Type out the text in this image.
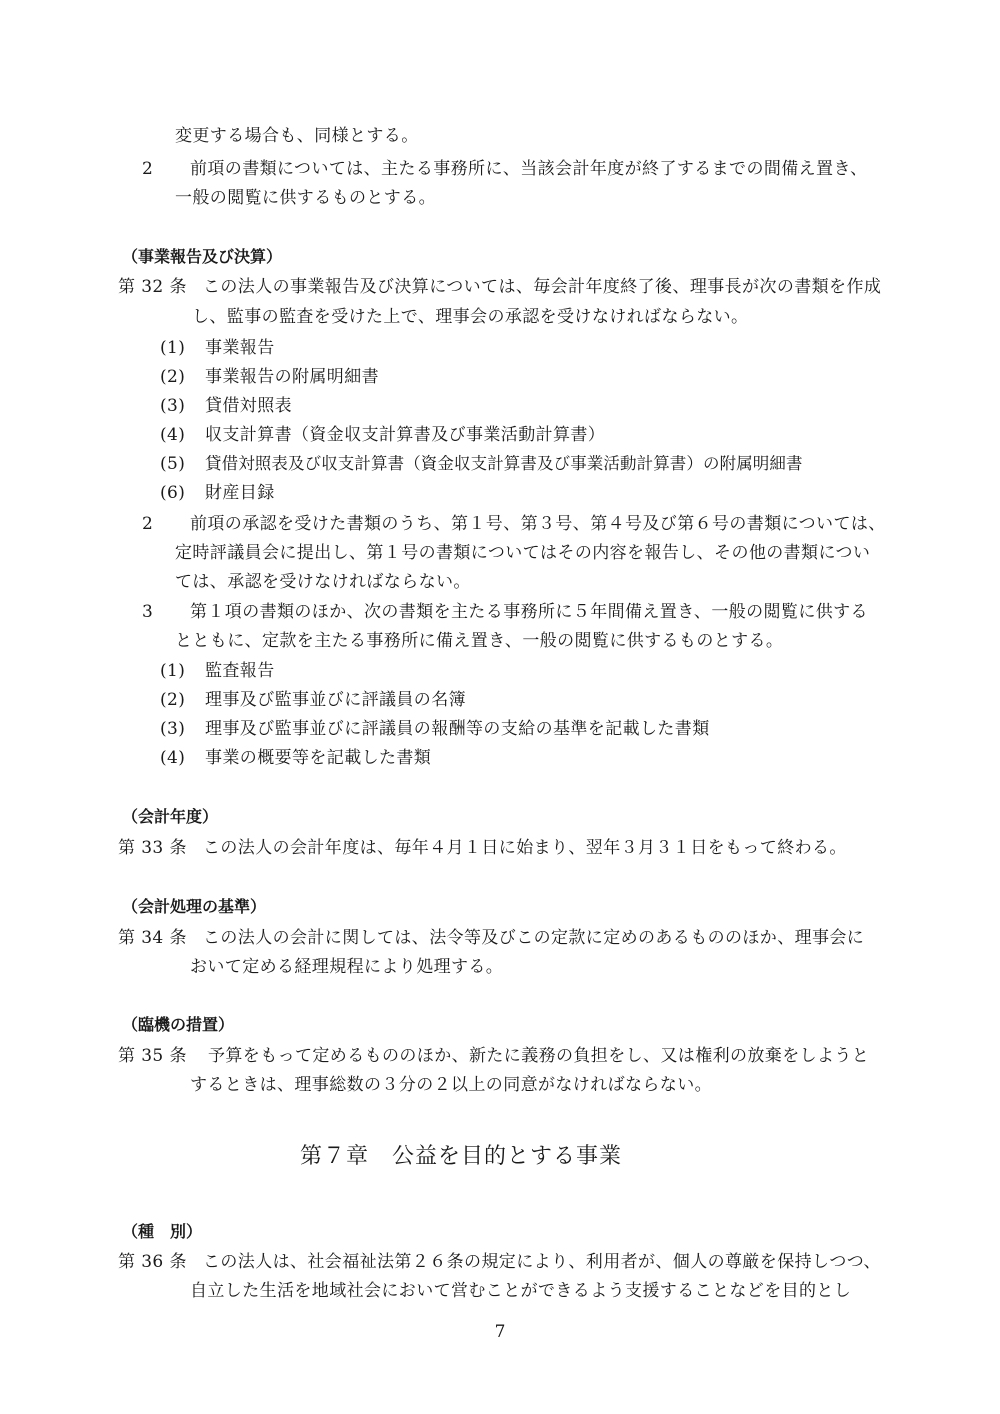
変更する場合も、同様とする。
2 前項の書類については、主たる事務所に、当該会計年度が終了するまでの間備え置き、
一般の閲覧に供するものとする。
（事業報告及び決算）
第 32 条 この法人の事業報告及び決算については、毎会計年度終了後、理事長が次の書類を作成
し、監事の監査を受けた上で、理事会の承認を受けなければならない。
(1) 事業報告
(2) 事業報告の附属明細書
(3) 貸借対照表
(4) 収支計算書（資金収支計算書及び事業活動計算書）
(5) 貸借対照表及び収支計算書（資金収支計算書及び事業活動計算書）の附属明細書
(6) 財産目録
2 前項の承認を受けた書類のうち、第１号、第３号、第４号及び第６号の書類については、
定時評議員会に提出し、第１号の書類についてはその内容を報告し、その他の書類につい
ては、承認を受けなければならない。
3 第１項の書類のほか、次の書類を主たる事務所に５年間備え置き、一般の閲覧に供する
とともに、定款を主たる事務所に備え置き、一般の閲覧に供するものとする。
(1) 監査報告
(2) 理事及び監事並びに評議員の名簿
(3) 理事及び監事並びに評議員の報酬等の支給の基準を記載した書類
(4) 事業の概要等を記載した書類
（会計年度）
第 33 条 この法人の会計年度は、毎年４月１日に始まり、翌年３月３１日をもって終わる。
（会計処理の基準）
第 34 条 この法人の会計に関しては、法令等及びこの定款に定めのあるもののほか、理事会に
おいて定める経理規程により処理する。
（臨機の措置）
第 35 条 予算をもって定めるもののほか、新たに義務の負担をし、又は権利の放棄をしようと
するときは、理事総数の３分の２以上の同意がなければならない。
第７章　公益を目的とする事業
（種　別）
第 36 条 この法人は、社会福祉法第２６条の規定により、利用者が、個人の尊厳を保持しつつ、
自立した生活を地域社会において営むことができるよう支援することなどを目的とし
7
